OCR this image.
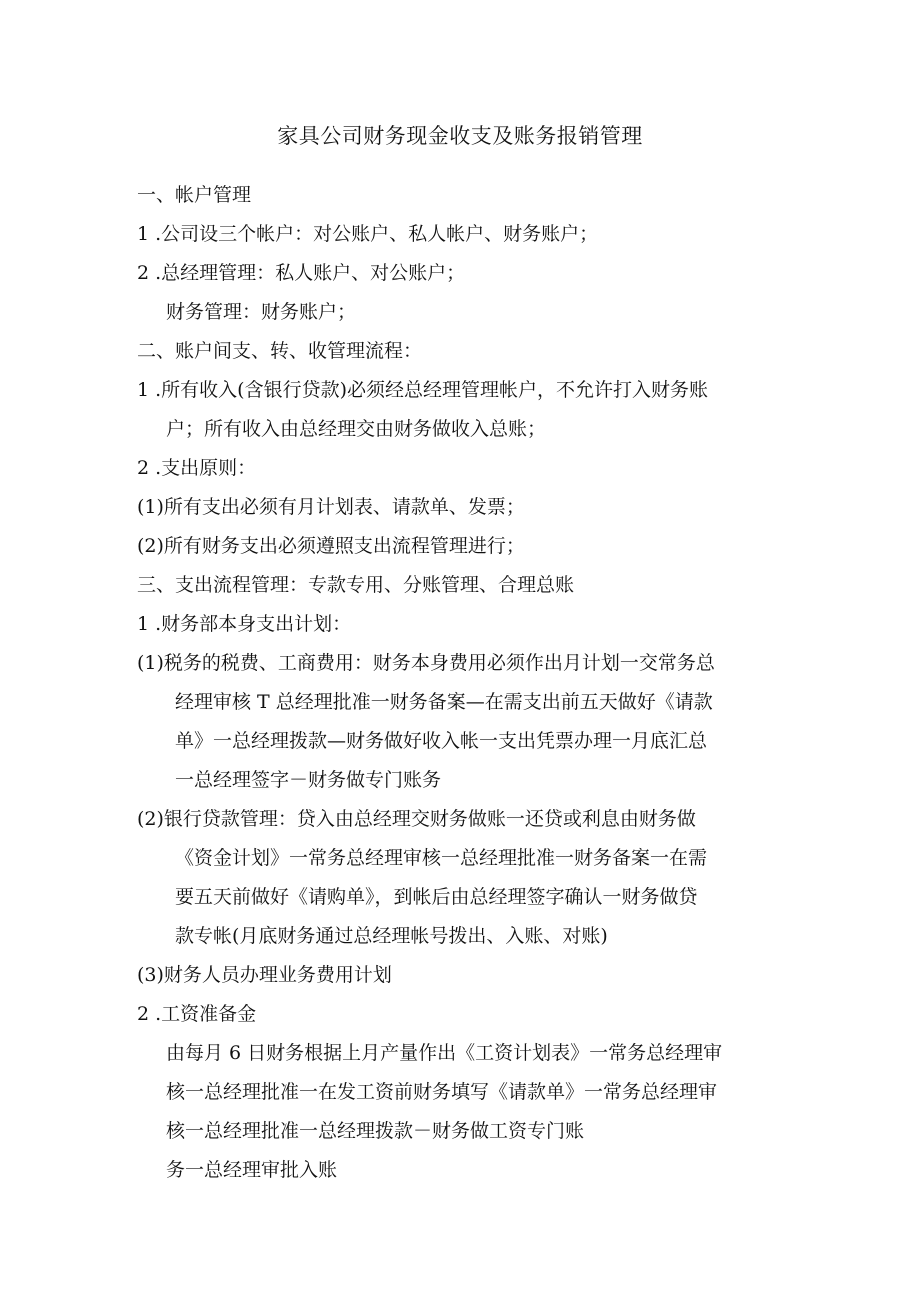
家具公司财务现金收支及账务报销管理
一、帐户管理
1 .公司设三个帐户：对公账户、私人帐户、财务账户；
2 .总经理管理：私人账户、对公账户；
财务管理：财务账户；
二、账户间支、转、收管理流程：
1 .所有收入(含银行贷款)必须经总经理管理帐户，不允许打入财务账
户；所有收入由总经理交由财务做收入总账；
2 .支出原则：
(1)所有支出必须有月计划表、请款单、发票；
(2)所有财务支出必须遵照支出流程管理进行；
三、支出流程管理：专款专用、分账管理、合理总账
1 .财务部本身支出计划：
(1)税务的税费、工商费用：财务本身费用必须作出月计划一交常务总
经理审核 T 总经理批准一财务备案—在需支出前五天做好《请款
单》一总经理拨款—财务做好收入帐一支出凭票办理一月底汇总
一总经理签字－财务做专门账务
(2)银行贷款管理：贷入由总经理交财务做账一还贷或利息由财务做
《资金计划》一常务总经理审核一总经理批准一财务备案一在需
要五天前做好《请购单》，到帐后由总经理签字确认一财务做贷
款专帐(月底财务通过总经理帐号拨出、入账、对账)
(3)财务人员办理业务费用计划
2 .工资准备金
由每月 6 日财务根据上月产量作出《工资计划表》一常务总经理审
核一总经理批准一在发工资前财务填写《请款单》一常务总经理审
核一总经理批准一总经理拨款－财务做工资专门账
务一总经理审批入账
